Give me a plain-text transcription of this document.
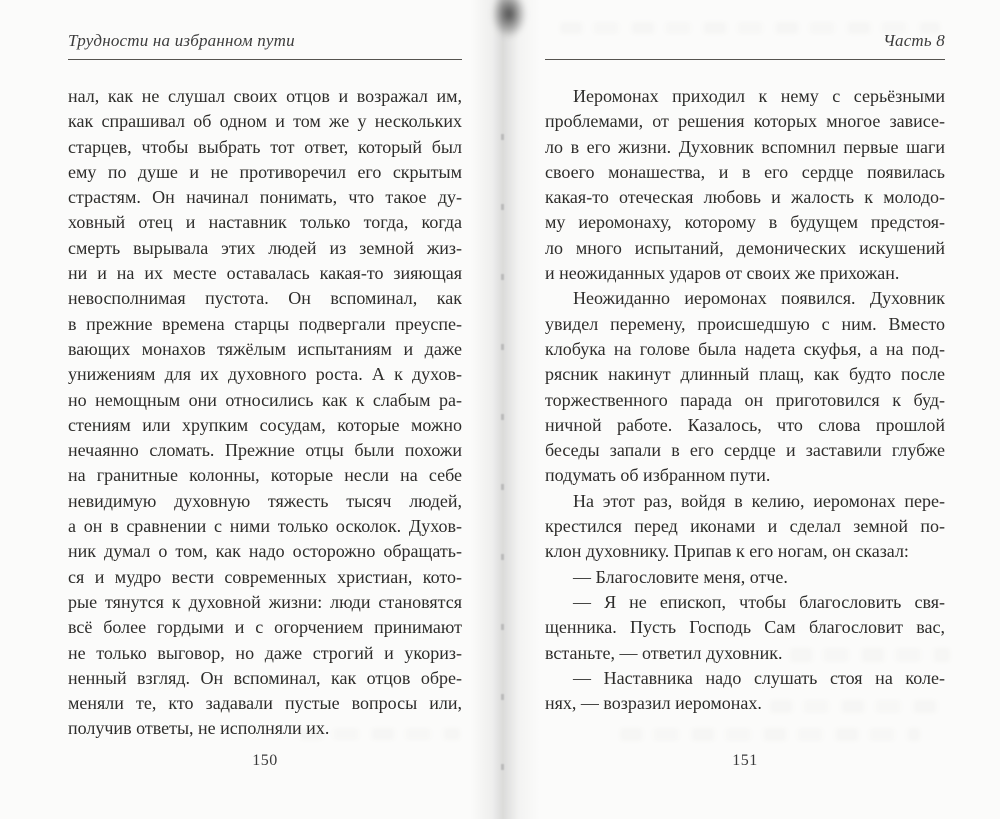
Трудности на избранном пути
нал, как не слушал своих отцов и возражал им,
как спрашивал об одном и том же у нескольких
старцев, чтобы выбрать тот ответ, который был
ему по душе и не противоречил его скрытым
страстям. Он начинал понимать, что такое ду-
ховный отец и наставник только тогда, когда
смерть вырывала этих людей из земной жиз-
ни и на их месте оставалась какая-то зияющая
невосполнимая пустота. Он вспоминал, как
в прежние времена старцы подвергали преуспе-
вающих монахов тяжёлым испытаниям и даже
унижениям для их духовного роста. А к духов-
но немощным они относились как к слабым ра-
стениям или хрупким сосудам, которые можно
нечаянно сломать. Прежние отцы были похожи
на гранитные колонны, которые несли на себе
невидимую духовную тяжесть тысяч людей,
а он в сравнении с ними только осколок. Духов-
ник думал о том, как надо осторожно обращать-
ся и мудро вести современных христиан, кото-
рые тянутся к духовной жизни: люди становятся
всё более гордыми и с огорчением принимают
не только выговор, но даже строгий и укориз-
ненный взгляд. Он вспоминал, как отцов обре-
меняли те, кто задавали пустые вопросы или,
получив ответы, не исполняли их.
150
Часть 8
Иеромонах приходил к нему с серьёзными
проблемами, от решения которых многое зависе-
ло в его жизни. Духовник вспомнил первые шаги
своего монашества, и в его сердце появилась
какая-то отеческая любовь и жалость к молодо-
му иеромонаху, которому в будущем предстоя-
ло много испытаний, демонических искушений
и неожиданных ударов от своих же прихожан.
Неожиданно иеромонах появился. Духовник
увидел перемену, происшедшую с ним. Вместо
клобука на голове была надета скуфья, а на под-
рясник накинут длинный плащ, как будто после
торжественного парада он приготовился к буд-
ничной работе. Казалось, что слова прошлой
беседы запали в его сердце и заставили глубже
подумать об избранном пути.
На этот раз, войдя в келию, иеромонах пере-
крестился перед иконами и сделал земной по-
клон духовнику. Припав к его ногам, он сказал:
— Благословите меня, отче.
— Я не епископ, чтобы благословить свя-
щенника. Пусть Господь Сам благословит вас,
встаньте, — ответил духовник.
— Наставника надо слушать стоя на коле-
нях, — возразил иеромонах.
151
